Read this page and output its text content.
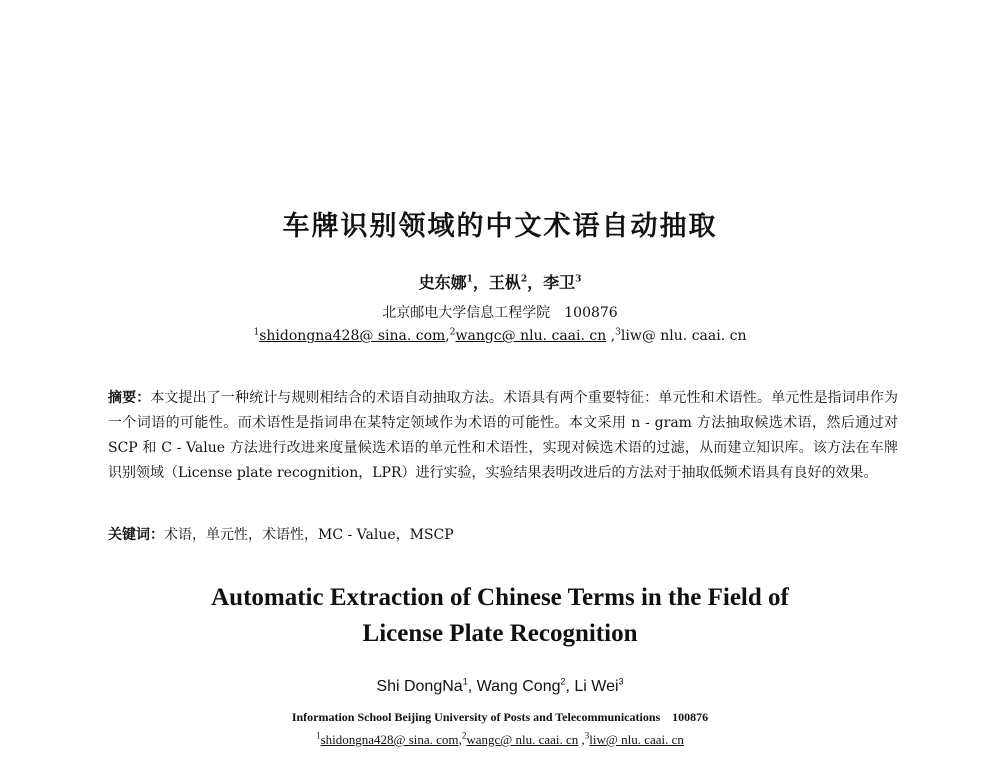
车牌识别领域的中文术语自动抽取
史东娜$^1$，王枞$^2$，李卫$^3$
北京邮电大学信息工程学院　100876
$^1$shidongna428@ sina. com,$^2$wangc@ nlu. caai. cn ,$^3$liw@ nlu. caai. cn
摘要：本文提出了一种统计与规则相结合的术语自动抽取方法。术语具有两个重要特征：单元性和术语性。单元性是指词串作为一个词语的可能性。而术语性是指词串在某特定领域作为术语的可能性。本文采用 n - gram 方法抽取候选术语，然后通过对 SCP 和 C - Value 方法进行改进来度量候选术语的单元性和术语性，实现对候选术语的过滤，从而建立知识库。该方法在车牌识别领域（License plate recognition，LPR）进行实验，实验结果表明改进后的方法对于抽取低频术语具有良好的效果。
关键词：术语，单元性，术语性，MC - Value，MSCP
Automatic Extraction of Chinese Terms in the Field of
License Plate Recognition
Shi DongNa$^1$, Wang Cong$^2$, Li Wei$^3$
Information School Beijing University of Posts and Telecommunications　100876
$^1$shidongna428@ sina. com,$^2$wangc@ nlu. caai. cn ,$^3$liw@ nlu. caai. cn
